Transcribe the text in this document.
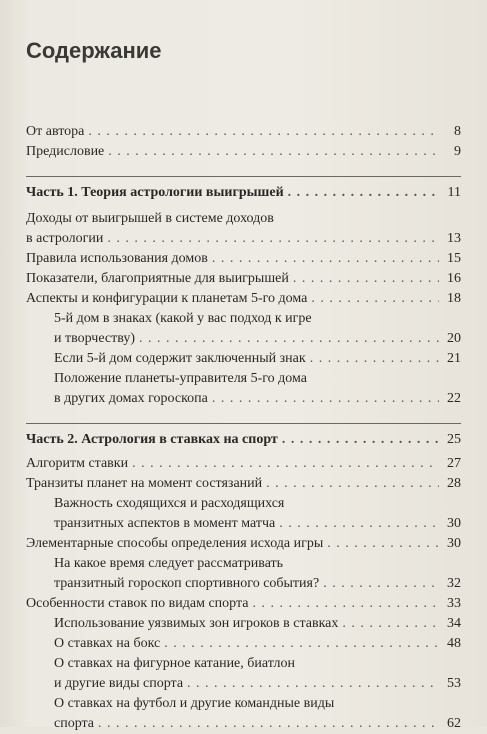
Содержание
От автора . . .	8
Предисловие . . .	9
Часть 1. Теория астрологии выигрышей . . .	11
Доходы от выигрышей в системе доходов
в астрологии . . .	13
Правила использования домов . . .	15
Показатели, благоприятные для выигрышей . . .	16
Аспекты и конфигурации к планетам 5-го дома . . .	18
5-й дом в знаках (какой у вас подход к игре
и творчеству) . . .	20
Если 5-й дом содержит заключенный знак . . .	21
Положение планеты-управителя 5-го дома
в других домах гороскопа . . .	22
Часть 2. Астрология в ставках на спорт . . .	25
Алгоритм ставки . . .	27
Транзиты планет на момент состязаний . . .	28
Важность сходящихся и расходящихся
транзитных аспектов в момент матча . . .	30
Элементарные способы определения исхода игры . . .	30
На какое время следует рассматривать
транзитный гороскоп спортивного события? . . .	32
Особенности ставок по видам спорта . . .	33
Использование уязвимых зон игроков в ставках . . .	34
О ставках на бокс . . .	48
О ставках на фигурное катание, биатлон
и другие виды спорта . . .	53
О ставках на футбол и другие командные виды
спорта . . .	62
